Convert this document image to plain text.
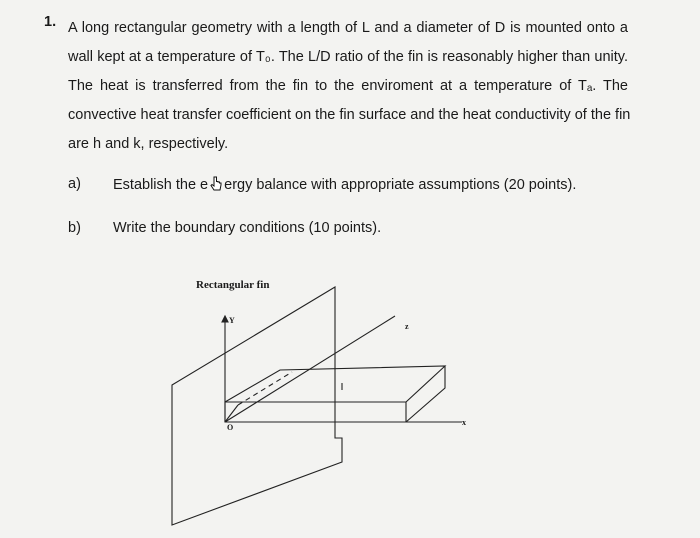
1. A long rectangular geometry with a length of L and a diameter of D is mounted onto a
wall kept at a temperature of T₀. The L/D ratio of the fin is reasonably higher than unity.
The heat is transferred from the fin to the enviroment at a temperature of Tₐ. The
convective heat transfer coefficient on the fin surface and the heat conductivity of the fin
are h and k, respectively.
a) Establish the e ergy balance with appropriate assumptions (20 points).
b) Write the boundary conditions (10 points).
Rectangular fin
Y
z
x
O
